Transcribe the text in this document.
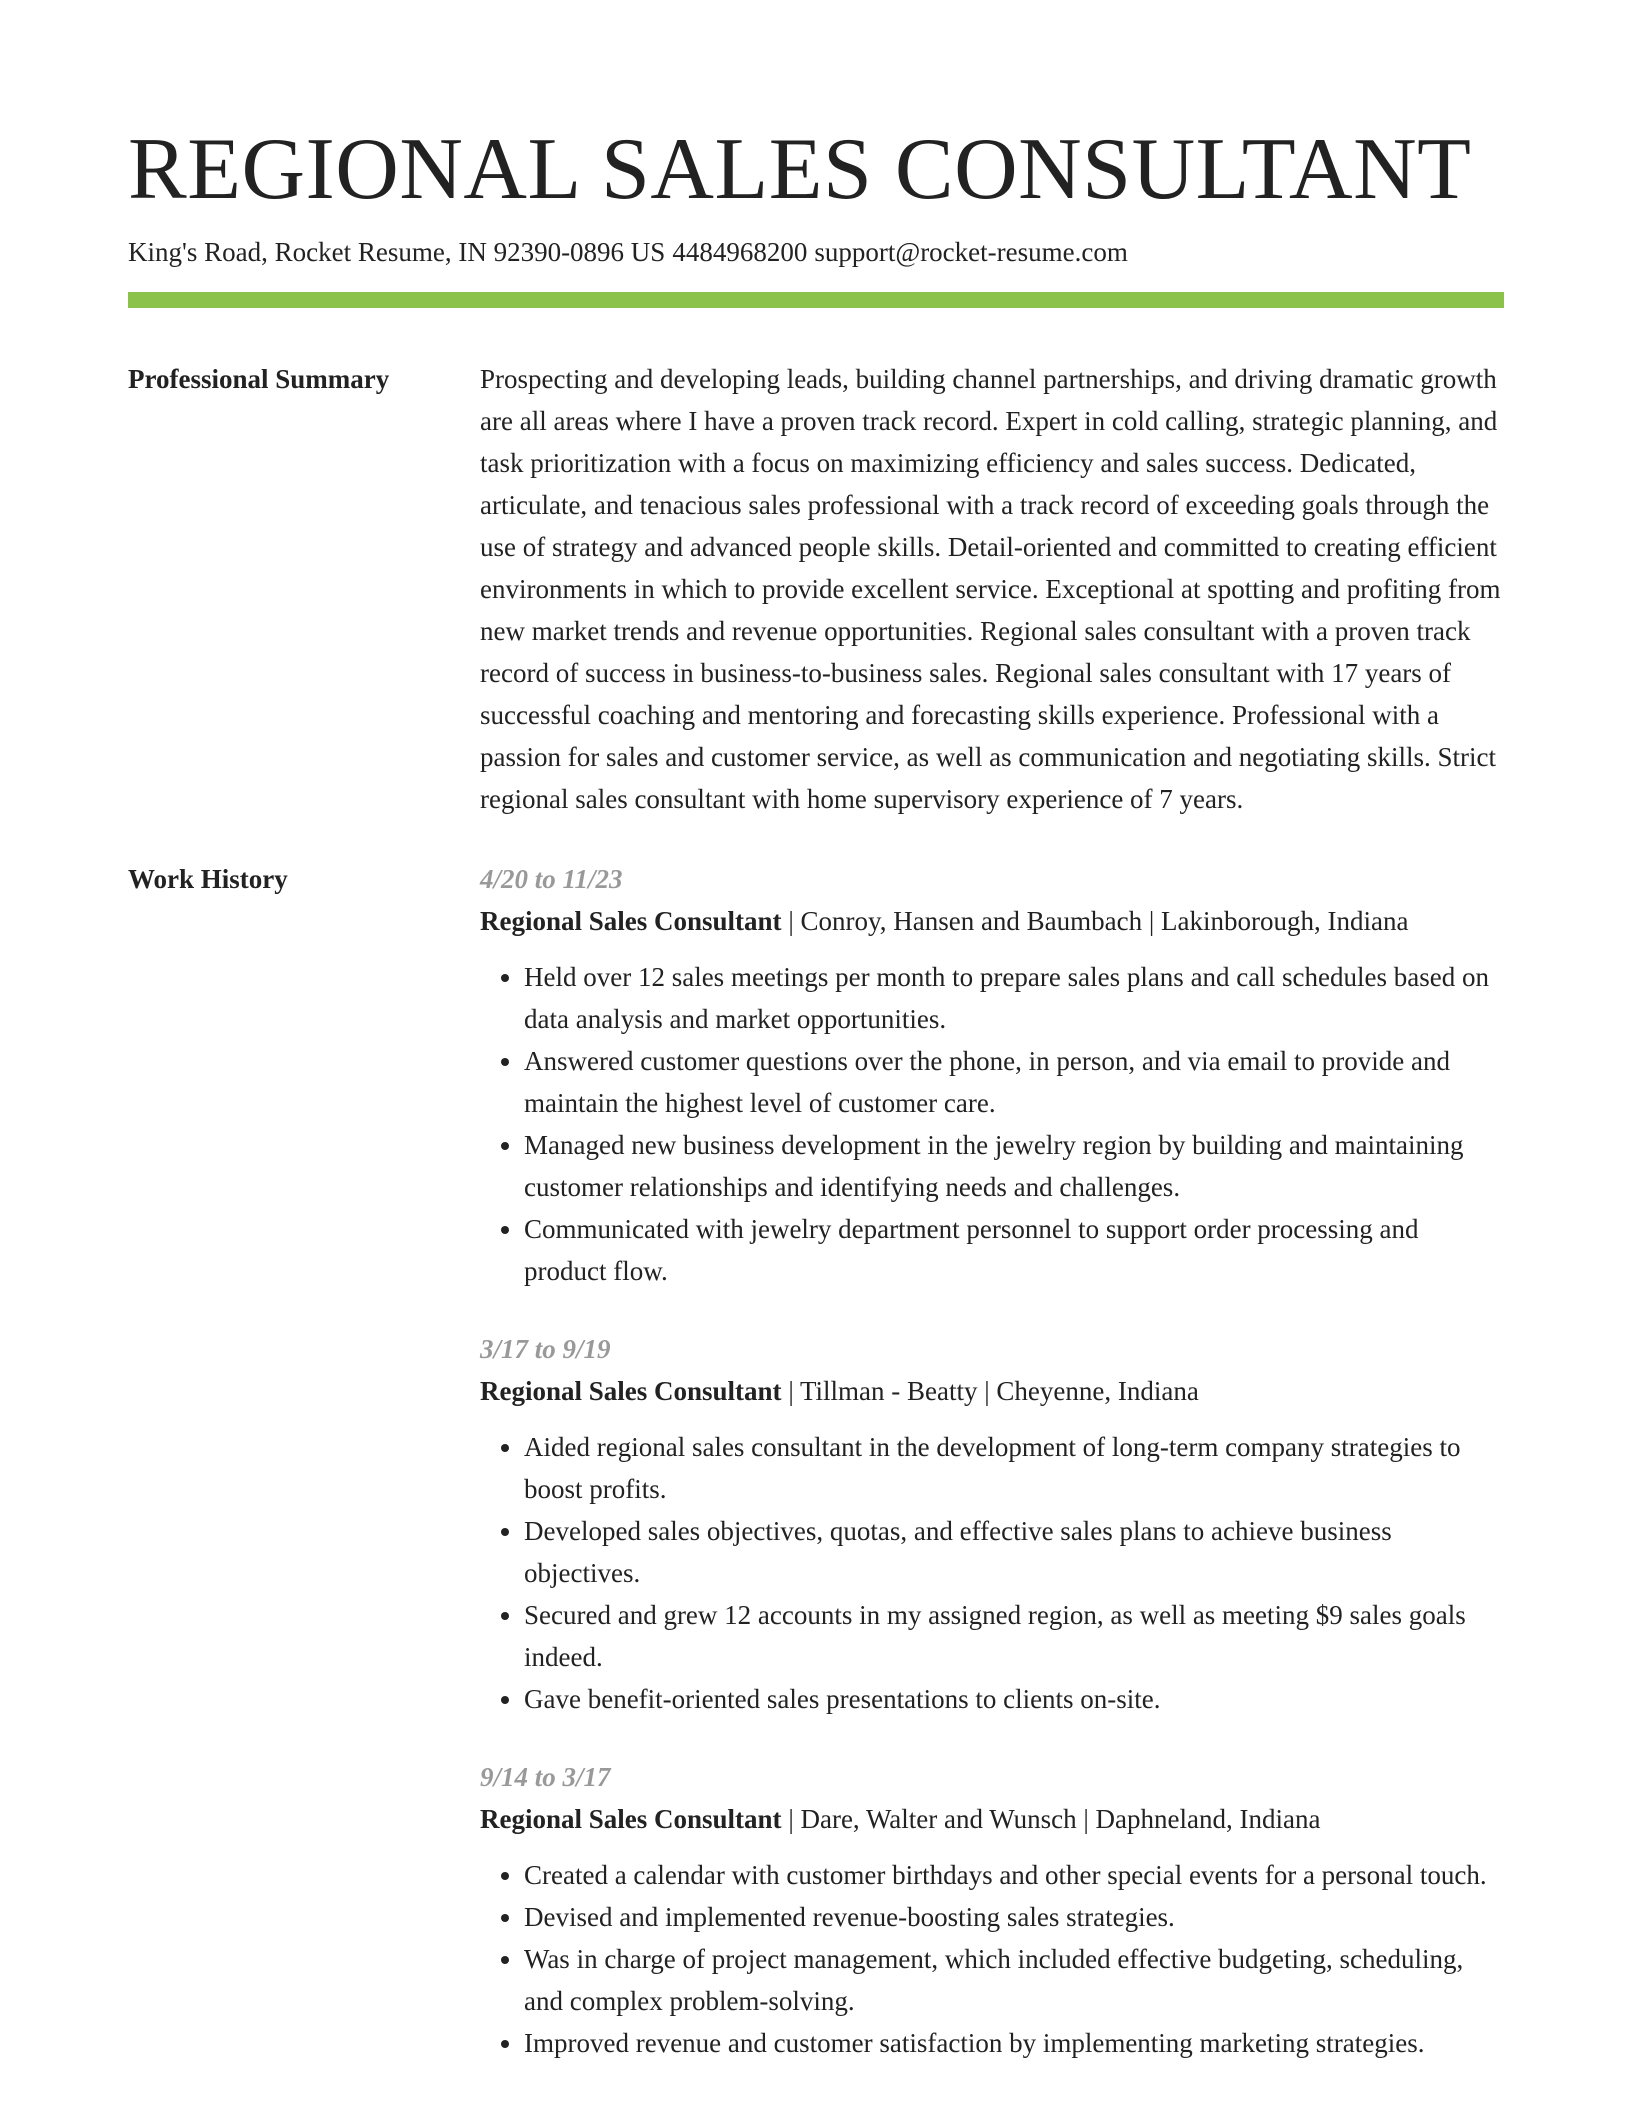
REGIONAL SALES CONSULTANT
King's Road, Rocket Resume, IN 92390-0896 US 4484968200 support@rocket-resume.com
Professional Summary	Prospecting and developing leads, building channel partnerships, and driving dramatic growth are all areas where I have a proven track record. Expert in cold calling, strategic planning, and task prioritization with a focus on maximizing efficiency and sales success. Dedicated, articulate, and tenacious sales professional with a track record of exceeding goals through the use of strategy and advanced people skills. Detail-oriented and committed to creating efficient environments in which to provide excellent service. Exceptional at spotting and profiting from new market trends and revenue opportunities. Regional sales consultant with a proven track record of success in business-to-business sales. Regional sales consultant with 17 years of successful coaching and mentoring and forecasting skills experience. Professional with a passion for sales and customer service, as well as communication and negotiating skills. Strict regional sales consultant with home supervisory experience of 7 years.

Work History	4/20 to 11/23
Regional Sales Consultant | Conroy, Hansen and Baumbach | Lakinborough, Indiana
• Held over 12 sales meetings per month to prepare sales plans and call schedules based on data analysis and market opportunities.
• Answered customer questions over the phone, in person, and via email to provide and maintain the highest level of customer care.
• Managed new business development in the jewelry region by building and maintaining customer relationships and identifying needs and challenges.
• Communicated with jewelry department personnel to support order processing and product flow.
3/17 to 9/19
Regional Sales Consultant | Tillman - Beatty | Cheyenne, Indiana
• Aided regional sales consultant in the development of long-term company strategies to boost profits.
• Developed sales objectives, quotas, and effective sales plans to achieve business objectives.
• Secured and grew 12 accounts in my assigned region, as well as meeting $9 sales goals indeed.
• Gave benefit-oriented sales presentations to clients on-site.
9/14 to 3/17
Regional Sales Consultant | Dare, Walter and Wunsch | Daphneland, Indiana
• Created a calendar with customer birthdays and other special events for a personal touch.
• Devised and implemented revenue-boosting sales strategies.
• Was in charge of project management, which included effective budgeting, scheduling, and complex problem-solving.
• Improved revenue and customer satisfaction by implementing marketing strategies.
